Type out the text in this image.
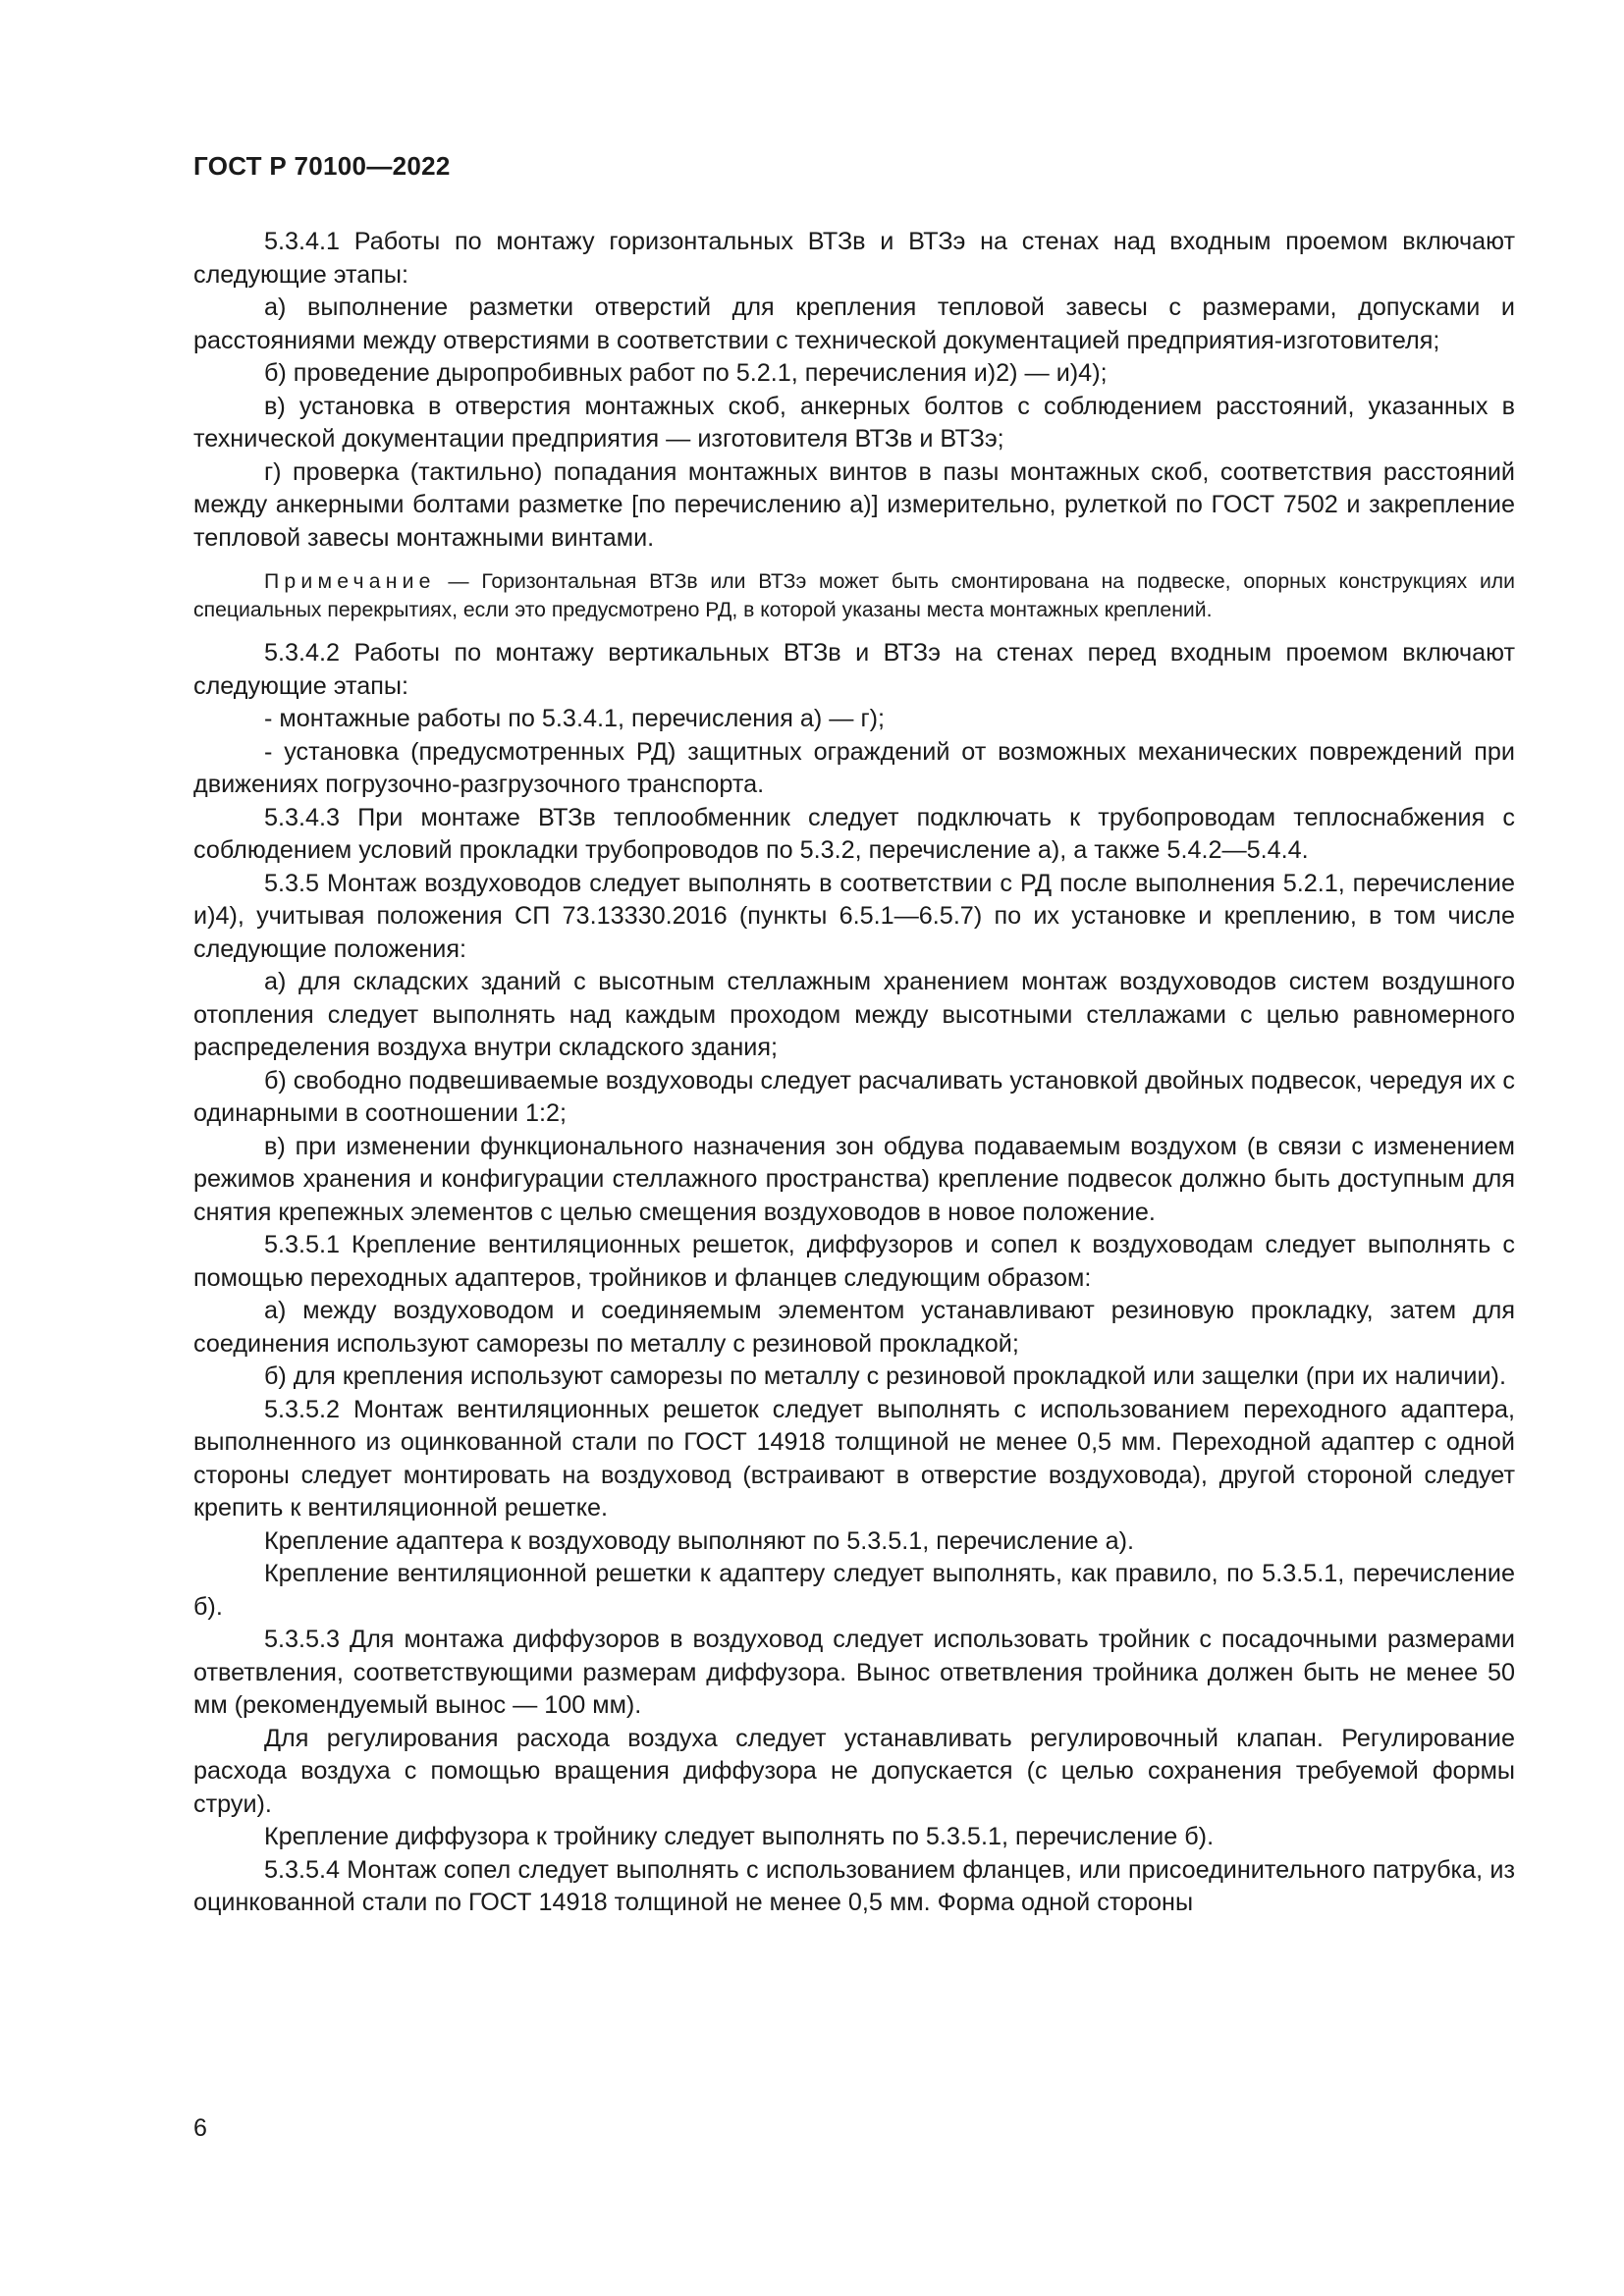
ГОСТ Р 70100—2022

5.3.4.1 Работы по монтажу горизонтальных ВТЗв и ВТЗэ на стенах над входным проемом включают следующие этапы:

а) выполнение разметки отверстий для крепления тепловой завесы с размерами, допусками и расстояниями между отверстиями в соответствии с технической документацией предприятия-изготовителя;

б) проведение дыропробивных работ по 5.2.1, перечисления и)2) — и)4);

в) установка в отверстия монтажных скоб, анкерных болтов с соблюдением расстояний, указанных в технической документации предприятия — изготовителя ВТЗв и ВТЗэ;

г) проверка (тактильно) попадания монтажных винтов в пазы монтажных скоб, соответствия расстояний между анкерными болтами разметке [по перечислению а)] измерительно, рулеткой по ГОСТ 7502 и закрепление тепловой завесы монтажными винтами.

Примечание — Горизонтальная ВТЗв или ВТЗэ может быть смонтирована на подвеске, опорных конструкциях или специальных перекрытиях, если это предусмотрено РД, в которой указаны места монтажных креплений.

5.3.4.2 Работы по монтажу вертикальных ВТЗв и ВТЗэ на стенах перед входным проемом включают следующие этапы:

- монтажные работы по 5.3.4.1, перечисления а) — г);

- установка (предусмотренных РД) защитных ограждений от возможных механических повреждений при движениях погрузочно-разгрузочного транспорта.

5.3.4.3 При монтаже ВТЗв теплообменник следует подключать к трубопроводам теплоснабжения с соблюдением условий прокладки трубопроводов по 5.3.2, перечисление а), а также 5.4.2—5.4.4.

5.3.5 Монтаж воздуховодов следует выполнять в соответствии с РД после выполнения 5.2.1, перечисление и)4), учитывая положения СП 73.13330.2016 (пункты 6.5.1—6.5.7) по их установке и креплению, в том числе следующие положения:

а) для складских зданий с высотным стеллажным хранением монтаж воздуховодов систем воздушного отопления следует выполнять над каждым проходом между высотными стеллажами с целью равномерного распределения воздуха внутри складского здания;

б) свободно подвешиваемые воздуховоды следует расчаливать установкой двойных подвесок, чередуя их с одинарными в соотношении 1:2;

в) при изменении функционального назначения зон обдува подаваемым воздухом (в связи с изменением режимов хранения и конфигурации стеллажного пространства) крепление подвесок должно быть доступным для снятия крепежных элементов с целью смещения воздуховодов в новое положение.

5.3.5.1 Крепление вентиляционных решеток, диффузоров и сопел к воздуховодам следует выполнять с помощью переходных адаптеров, тройников и фланцев следующим образом:

а) между воздуховодом и соединяемым элементом устанавливают резиновую прокладку, затем для соединения используют саморезы по металлу с резиновой прокладкой;

б) для крепления используют саморезы по металлу с резиновой прокладкой или защелки (при их наличии).

5.3.5.2 Монтаж вентиляционных решеток следует выполнять с использованием переходного адаптера, выполненного из оцинкованной стали по ГОСТ 14918 толщиной не менее 0,5 мм. Переходной адаптер с одной стороны следует монтировать на воздуховод (встраивают в отверстие воздуховода), другой стороной следует крепить к вентиляционной решетке.

Крепление адаптера к воздуховоду выполняют по 5.3.5.1, перечисление а).

Крепление вентиляционной решетки к адаптеру следует выполнять, как правило, по 5.3.5.1, перечисление б).

5.3.5.3 Для монтажа диффузоров в воздуховод следует использовать тройник с посадочными размерами ответвления, соответствующими размерам диффузора. Вынос ответвления тройника должен быть не менее 50 мм (рекомендуемый вынос — 100 мм).

Для регулирования расхода воздуха следует устанавливать регулировочный клапан. Регулирование расхода воздуха с помощью вращения диффузора не допускается (с целью сохранения требуемой формы струи).

Крепление диффузора к тройнику следует выполнять по 5.3.5.1, перечисление б).

5.3.5.4 Монтаж сопел следует выполнять с использованием фланцев, или присоединительного патрубка, из оцинкованной стали по ГОСТ 14918 толщиной не менее 0,5 мм. Форма одной стороны

6
